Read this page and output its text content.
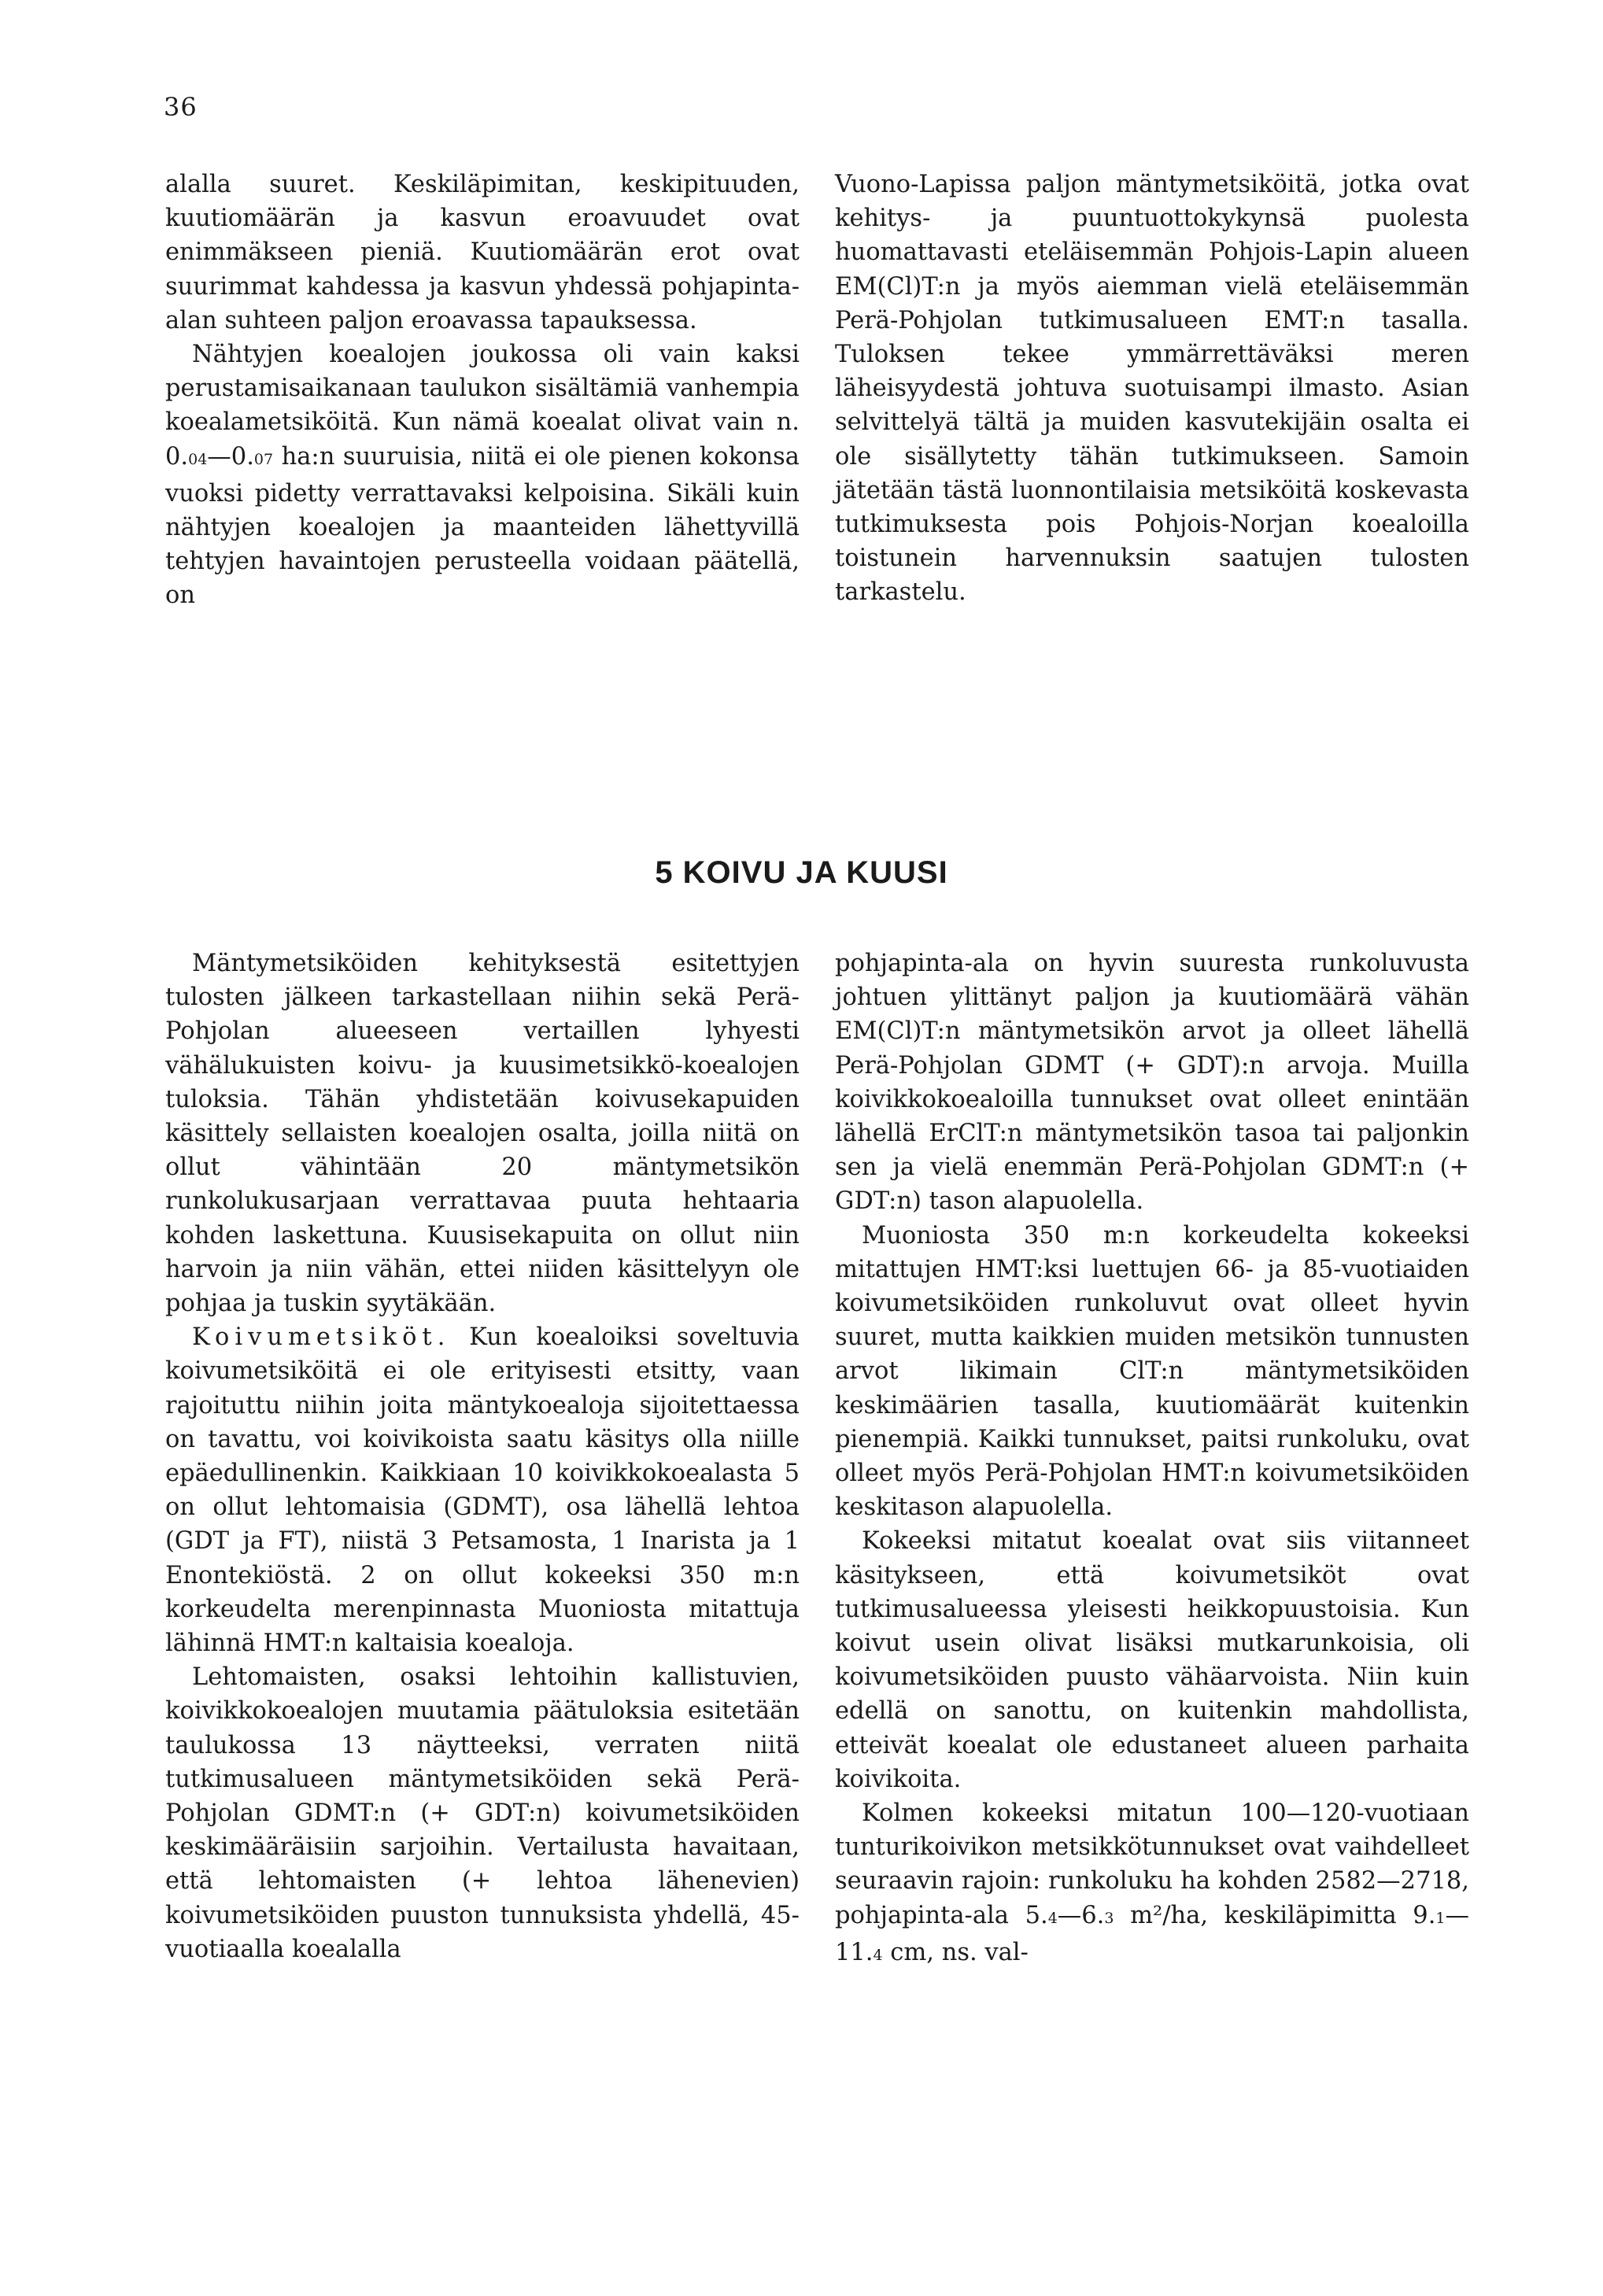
36

alalla suuret. Keskiläpimitan, keskipituuden, kuutiomäärän ja kasvun eroavuudet ovat enimmäkseen pieniä. Kuutiomäärän erot ovat suurimmat kahdessa ja kasvun yhdessä pohjapinta-alan suhteen paljon eroavassa tapauksessa.

Nähtyjen koealojen joukossa oli vain kaksi perustamisaikanaan taulukon sisältämiä vanhempia koealametsiköitä. Kun nämä koealat olivat vain n. 0.04—0.07 ha:n suuruisia, niitä ei ole pienen kokonsa vuoksi pidetty verrattavaksi kelpoisina. Sikäli kuin nähtyjen koealojen ja maanteiden lähettyvillä tehtyjen havaintojen perusteella voidaan päätellä, on

Vuono-Lapissa paljon mäntymetsiköitä, jotka ovat kehitys- ja puuntuottokykynsä puolesta huomattavasti eteläisemmän Pohjois-Lapin alueen EM(Cl)T:n ja myös aiemman vielä eteläisemmän Perä-Pohjolan tutkimusalueen EMT:n tasalla. Tuloksen tekee ymmärrettäväksi meren läheisyydestä johtuva suotuisampi ilmasto. Asian selvittelyä tältä ja muiden kasvutekijäin osalta ei ole sisällytetty tähän tutkimukseen. Samoin jätetään tästä luonnontilaisia metsiköitä koskevasta tutkimuksesta pois Pohjois-Norjan koealoilla toistunein harvennuksin saatujen tulosten tarkastelu.

5 KOIVU JA KUUSI

Mäntymetsiköiden kehityksestä esitettyjen tulosten jälkeen tarkastellaan niihin sekä Perä-Pohjolan alueeseen vertaillen lyhyesti vähälukuisten koivu- ja kuusimetsikkö-koealojen tuloksia. Tähän yhdistetään koivusekapuiden käsittely sellaisten koealojen osalta, joilla niitä on ollut vähintään 20 mäntymetsikön runkolukusarjaan verrattavaa puuta hehtaaria kohden laskettuna. Kuusisekapuita on ollut niin harvoin ja niin vähän, ettei niiden käsittelyyn ole pohjaa ja tuskin syytäkään.

Koivumetsiköt. Kun koealoiksi soveltuvia koivumetsiköitä ei ole erityisesti etsitty, vaan rajoituttu niihin joita mäntykoealoja sijoitettaessa on tavattu, voi koivikoista saatu käsitys olla niille epäedullinenkin. Kaikkiaan 10 koivikkokoealasta 5 on ollut lehtomaisia (GDMT), osa lähellä lehtoa (GDT ja FT), niistä 3 Petsamosta, 1 Inarista ja 1 Enontekiöstä. 2 on ollut kokeeksi 350 m:n korkeudelta merenpinnasta Muoniosta mitattuja lähinnä HMT:n kaltaisia koealoja.

Lehtomaisten, osaksi lehtoihin kallistuvien, koivikkokoealojen muutamia päätuloksia esitetään taulukossa 13 näytteeksi, verraten niitä tutkimusalueen mäntymetsiköiden sekä Perä-Pohjolan GDMT:n (+ GDT:n) koivumetsiköiden keskimääräisiin sarjoihin. Vertailusta havaitaan, että lehtomaisten (+ lehtoa lähenevien) koivumetsiköiden puuston tunnuksista yhdellä, 45-vuotiaalla koealalla

pohjapinta-ala on hyvin suuresta runkoluvusta johtuen ylittänyt paljon ja kuutiomäärä vähän EM(Cl)T:n mäntymetsikön arvot ja olleet lähellä Perä-Pohjolan GDMT (+ GDT):n arvoja. Muilla koivikkokoealoilla tunnukset ovat olleet enintään lähellä ErClT:n mäntymetsikön tasoa tai paljonkin sen ja vielä enemmän Perä-Pohjolan GDMT:n (+ GDT:n) tason alapuolella.

Muoniosta 350 m:n korkeudelta kokeeksi mitattujen HMT:ksi luettujen 66- ja 85-vuotiaiden koivumetsiköiden runkoluvut ovat olleet hyvin suuret, mutta kaikkien muiden metsikön tunnusten arvot likimain ClT:n mäntymetsiköiden keskimäärien tasalla, kuutiomäärät kuitenkin pienempiä. Kaikki tunnukset, paitsi runkoluku, ovat olleet myös Perä-Pohjolan HMT:n koivumetsiköiden keskitason alapuolella.

Kokeeksi mitatut koealat ovat siis viitanneet käsitykseen, että koivumetsiköt ovat tutkimusalueessa yleisesti heikkopuustoisia. Kun koivut usein olivat lisäksi mutkarunkoisia, oli koivumetsiköiden puusto vähäarvoista. Niin kuin edellä on sanottu, on kuitenkin mahdollista, etteivät koealat ole edustaneet alueen parhaita koivikoita.

Kolmen kokeeksi mitatun 100—120-vuotiaan tunturikoivikon metsikkötunnukset ovat vaihdelleet seuraavin rajoin: runkoluku ha kohden 2582—2718, pohjapinta-ala 5.4—6.3 m²/ha, keskiläpimitta 9.1—11.4 cm, ns. val-
